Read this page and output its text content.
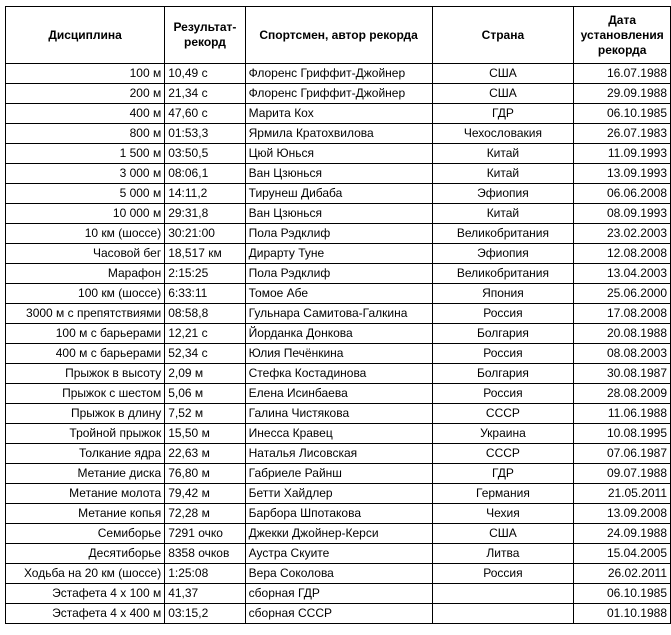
Дисциплина	Результат-рекорд	Спортсмен, автор рекорда	Страна	Дата установления рекорда
100 м	10,49 с	Флоренс Гриффит-Джойнер	США	16.07.1988
200 м	21,34 с	Флоренс Гриффит-Джойнер	США	29.09.1988
400 м	47,60 с	Марита Кох	ГДР	06.10.1985
800 м	01:53,3	Ярмила Кратохвилова	Чехословакия	26.07.1983
1 500 м	03:50,5	Цюй Юнься	Китай	11.09.1993
3 000 м	08:06,1	Ван Цзюнься	Китай	13.09.1993
5 000 м	14:11,2	Тирунеш Дибаба	Эфиопия	06.06.2008
10 000 м	29:31,8	Ван Цзюнься	Китай	08.09.1993
10 км (шоссе)	30:21:00	Пола Рэдклиф	Великобритания	23.02.2003
Часовой бег	18,517 км	Дирарту Туне	Эфиопия	12.08.2008
Марафон	2:15:25	Пола Рэдклиф	Великобритания	13.04.2003
100 км (шоссе)	6:33:11	Томое Абе	Япония	25.06.2000
3000 м с препятствиями	08:58,8	Гульнара Самитова-Галкина	Россия	17.08.2008
100 м с барьерами	12,21 с	Йорданка Донкова	Болгария	20.08.1988
400 м с барьерами	52,34 с	Юлия Печёнкина	Россия	08.08.2003
Прыжок в высоту	2,09 м	Стефка Костадинова	Болгария	30.08.1987
Прыжок с шестом	5,06 м	Елена Исинбаева	Россия	28.08.2009
Прыжок в длину	7,52 м	Галина Чистякова	СССР	11.06.1988
Тройной прыжок	15,50 м	Инесса Кравец	Украина	10.08.1995
Толкание ядра	22,63 м	Наталья Лисовская	СССР	07.06.1987
Метание диска	76,80 м	Габриеле Райнш	ГДР	09.07.1988
Метание молота	79,42 м	Бетти Хайдлер	Германия	21.05.2011
Метание копья	72,28 м	Барбора Шпотакова	Чехия	13.09.2008
Семиборье	7291 очко	Джекки Джойнер-Керси	США	24.09.1988
Десятиборье	8358 очков	Аустра Скуите	Литва	15.04.2005
Ходьба на 20 км (шоссе)	1:25:08	Вера Соколова	Россия	26.02.2011
Эстафета 4 х 100 м	41,37	сборная ГДР		06.10.1985
Эстафета 4 х 400 м	03:15,2	сборная СССР		01.10.1988
